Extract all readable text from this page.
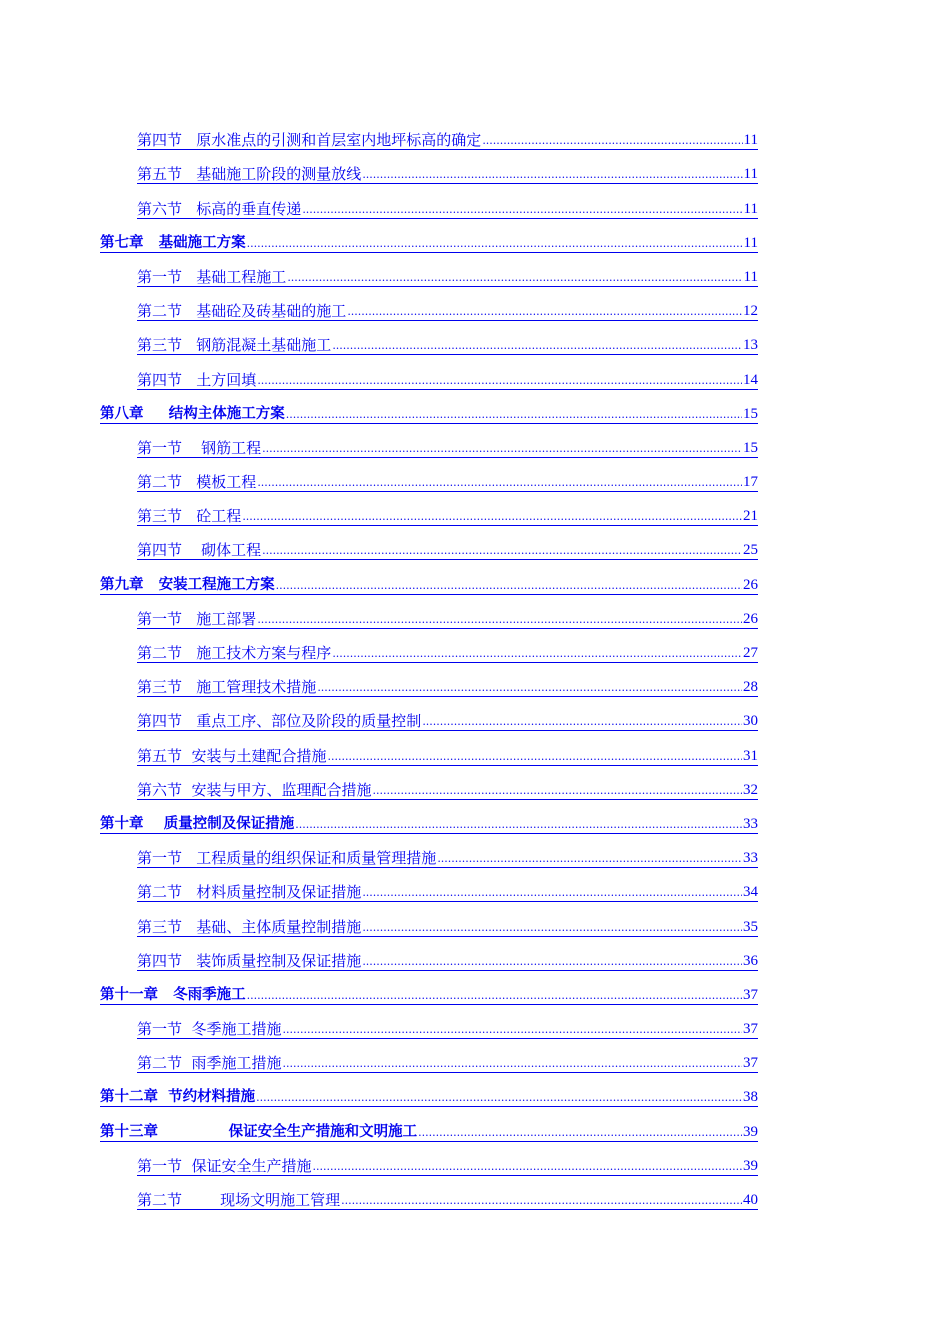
第四节   原水准点的引测和首层室内地坪标高的确定 .....	11
第五节   基础施工阶段的测量放线 .....	11
第六节   标高的垂直传递 .....	11
第七章   基础施工方案 .....	11
第一节   基础工程施工 .....	11
第二节   基础砼及砖基础的施工 .....	12
第三节   钢筋混凝土基础施工 .....	13
第四节   土方回填 .....	14
第八章     结构主体施工方案 .....	15
第一节    钢筋工程 .....	15
第二节   模板工程 .....	17
第三节   砼工程 .....	21
第四节    砌体工程 .....	25
第九章   安装工程施工方案 .....	26
第一节   施工部署 .....	26
第二节   施工技术方案与程序 .....	27
第三节   施工管理技术措施 .....	28
第四节   重点工序、部位及阶段的质量控制 .....	30
第五节  安装与土建配合措施 .....	31
第六节  安装与甲方、监理配合措施 .....	32
第十章    质量控制及保证措施 .....	33
第一节   工程质量的组织保证和质量管理措施 .....	33
第二节   材料质量控制及保证措施 .....	34
第三节   基础、主体质量控制措施 .....	35
第四节   装饰质量控制及保证措施 .....	36
第十一章   冬雨季施工 .....	37
第一节  冬季施工措施 .....	37
第二节  雨季施工措施 .....	37
第十二章  节约材料措施 .....	38
第十三章              保证安全生产措施和文明施工 .....	39
第一节  保证安全生产措施 .....	39
第二节        现场文明施工管理 .....	40
